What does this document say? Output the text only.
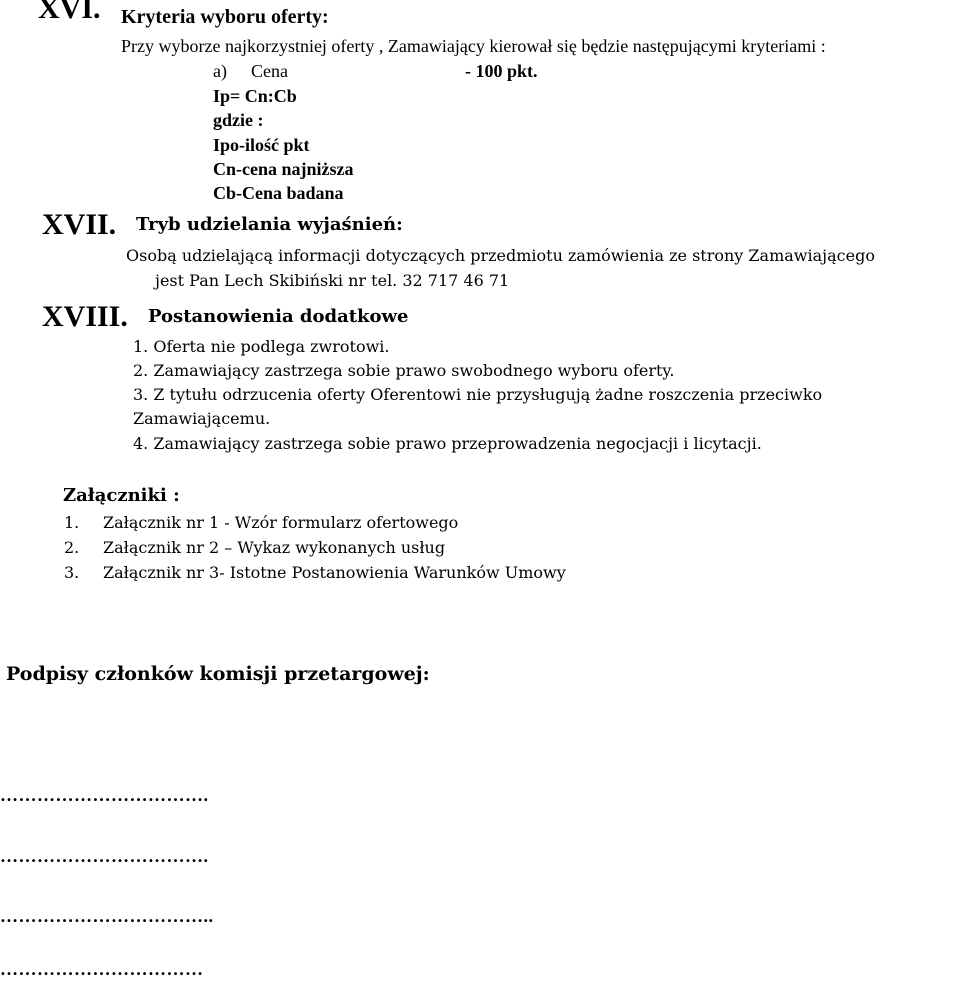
XVI. Kryteria wyboru oferty:
Przy wyborze najkorzystniej oferty , Zamawiający kierował się będzie następującymi kryteriami :
a) Cena	- 100 pkt.
Ip= Cn:Cb
gdzie :
Ipo-ilość pkt
Cn-cena najniższa
Cb-Cena badana
XVII. Tryb udzielania wyjaśnień:
Osobą udzielającą informacji dotyczących przedmiotu zamówienia ze strony Zamawiającego
jest Pan Lech Skibiński nr tel. 32 717 46 71
XVIII. Postanowienia dodatkowe
1. Oferta nie podlega zwrotowi.
2. Zamawiający zastrzega sobie prawo swobodnego wyboru oferty.
3. Z tytułu odrzucenia oferty Oferentowi nie przysługują żadne roszczenia przeciwko
Zamawiającemu.
4. Zamawiający zastrzega sobie prawo przeprowadzenia negocjacji i licytacji.
Załączniki :
1. Załącznik nr 1 - Wzór formularz ofertowego
2. Załącznik nr 2 – Wykaz wykonanych usług
3. Załącznik nr 3- Istotne Postanowienia Warunków Umowy
Podpisy członków komisji przetargowej:
…………………………….
…………………………….
……………………………..
……………………………
